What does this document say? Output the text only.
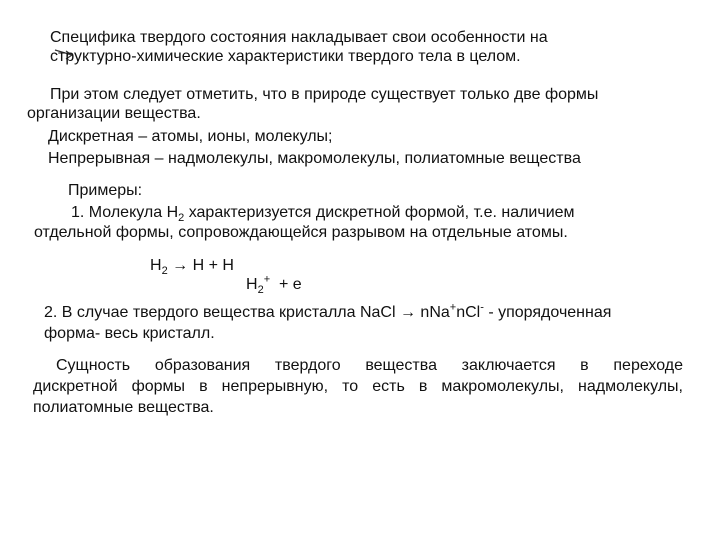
Специфика твердого состояния накладывает свои особенности на
структурно-химические характеристики твердого тела в целом.
При этом следует отметить, что в природе существует только две формы
организации вещества.
Дискретная – атомы, ионы, молекулы;
Непрерывная – надмолекулы, макромолекулы, полиатомные вещества
Примеры:
1. Молекула $H_2$ характеризуется дискретной формой, т.е. наличием
отдельной формы, сопровождающейся разрывом на отдельные атомы.
$H_2 \to H + H$
$H_2^+ + e$
2. В случае твердого вещества кристалла NaCl → nNa+nCl- - упорядоченная
форма- весь кристалл.
Сущность образования твердого вещества заключается в переходе
дискретной формы в непрерывную, то есть в макромолекулы, надмолекулы,
полиатомные вещества.
